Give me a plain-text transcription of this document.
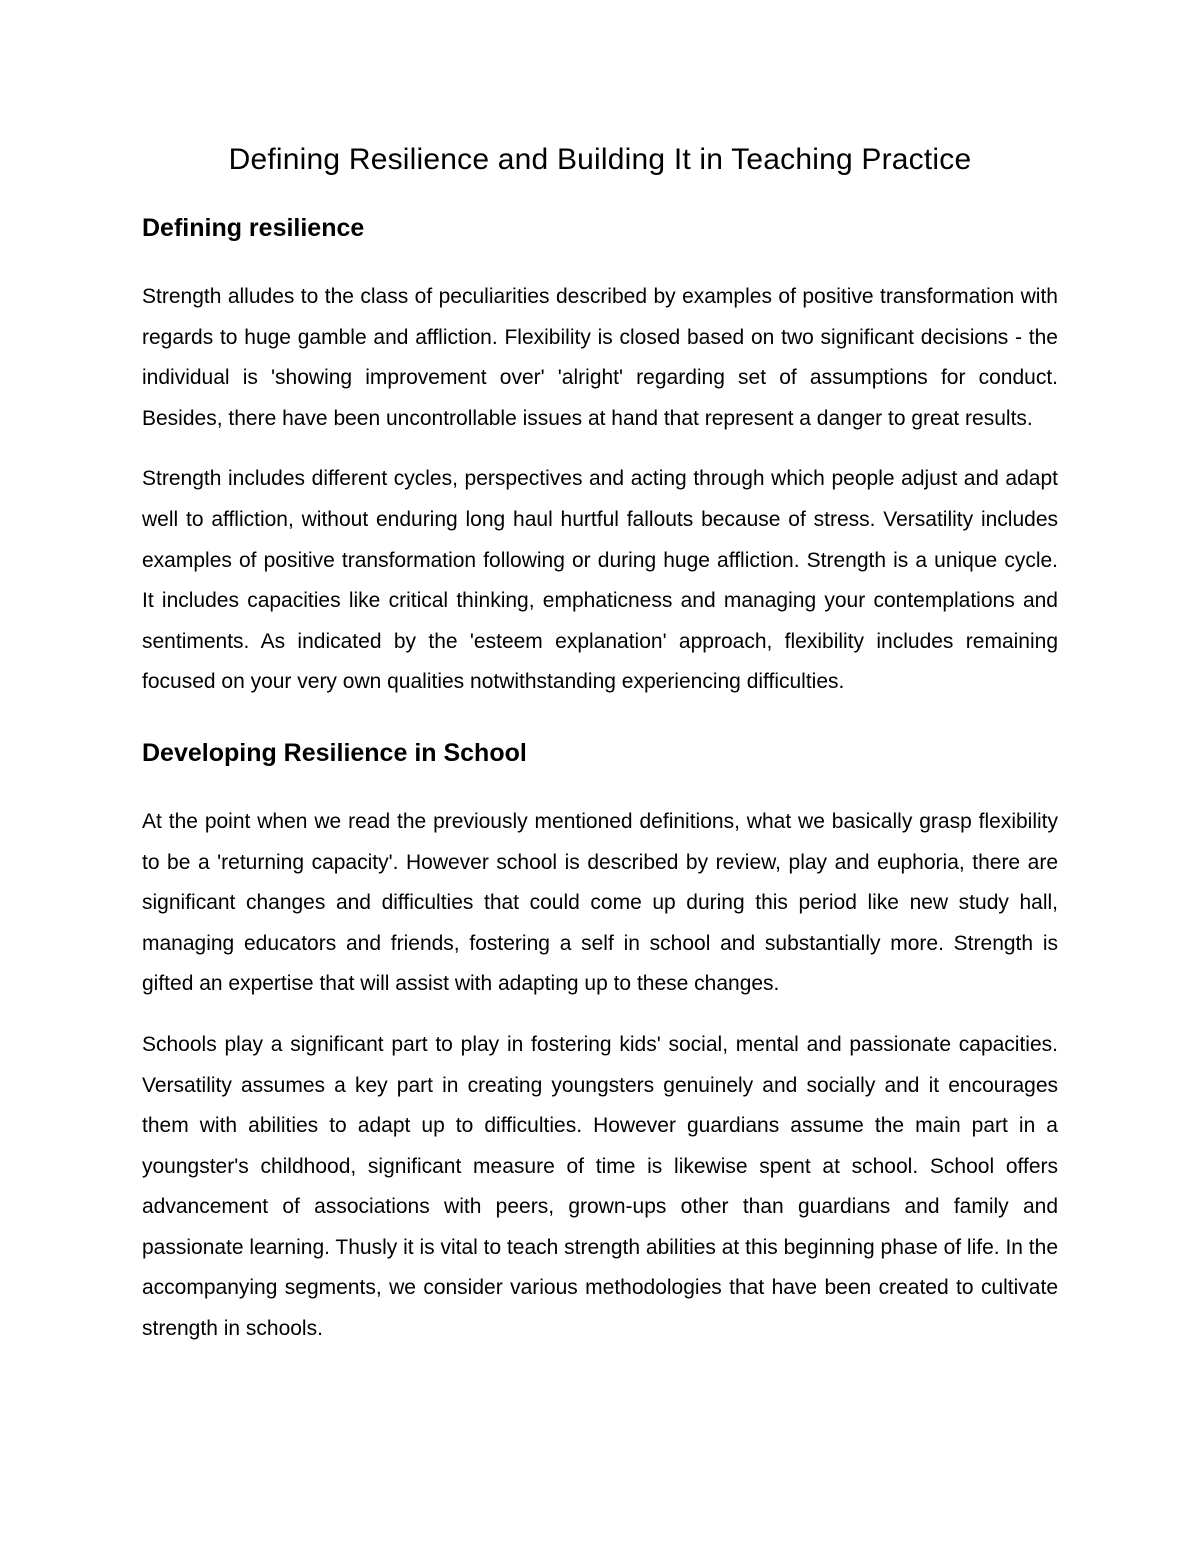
Defining Resilience and Building It in Teaching Practice
Defining resilience

Strength alludes to the class of peculiarities described by examples of positive transformation with regards to huge gamble and affliction. Flexibility is closed based on two significant decisions - the individual is 'showing improvement over' 'alright' regarding set of assumptions for conduct. Besides, there have been uncontrollable issues at hand that represent a danger to great results.

Strength includes different cycles, perspectives and acting through which people adjust and adapt well to affliction, without enduring long haul hurtful fallouts because of stress. Versatility includes examples of positive transformation following or during huge affliction. Strength is a unique cycle. It includes capacities like critical thinking, emphaticness and managing your contemplations and sentiments. As indicated by the 'esteem explanation' approach, flexibility includes remaining focused on your very own qualities notwithstanding experiencing difficulties.

Developing Resilience in School

At the point when we read the previously mentioned definitions, what we basically grasp flexibility to be a 'returning capacity'. However school is described by review, play and euphoria, there are significant changes and difficulties that could come up during this period like new study hall, managing educators and friends, fostering a self in school and substantially more. Strength is gifted an expertise that will assist with adapting up to these changes.

Schools play a significant part to play in fostering kids' social, mental and passionate capacities. Versatility assumes a key part in creating youngsters genuinely and socially and it encourages them with abilities to adapt up to difficulties. However guardians assume the main part in a youngster's childhood, significant measure of time is likewise spent at school. School offers advancement of associations with peers, grown-ups other than guardians and family and passionate learning. Thusly it is vital to teach strength abilities at this beginning phase of life. In the accompanying segments, we consider various methodologies that have been created to cultivate strength in schools.
